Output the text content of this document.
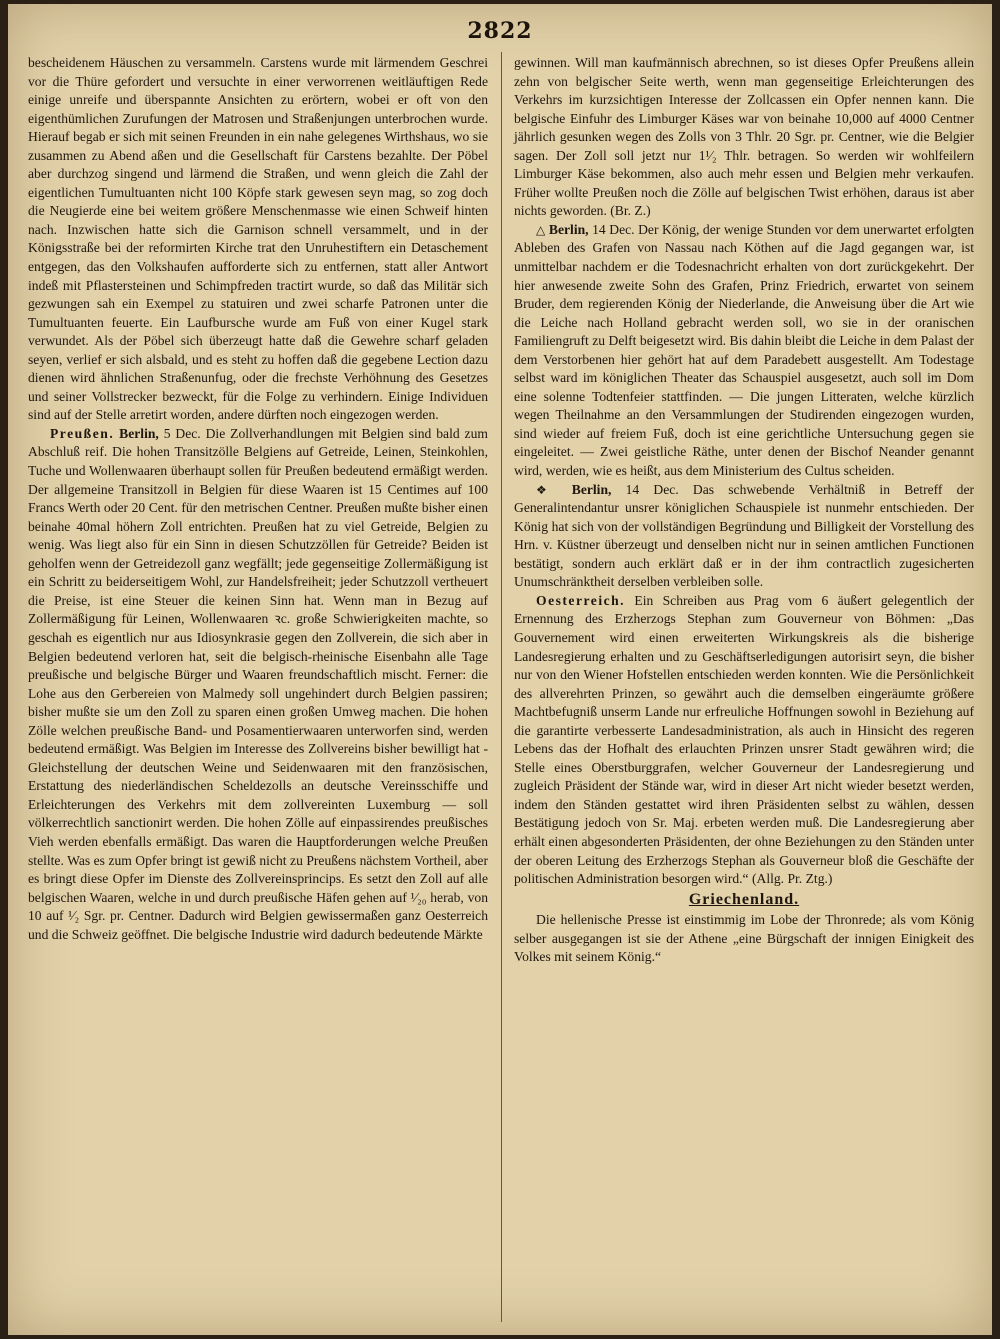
2822

bescheidenem Häuschen zu versammeln. Carstens wurde mit lärmendem Geschrei vor die Thüre gefordert und versuchte in einer verworrenen weitläuftigen Rede einige unreife und überspannte Ansichten zu erörtern, wobei er oft von den eigenthümlichen Zurufungen der Matrosen und Straßenjungen unterbrochen wurde. Hierauf begab er sich mit seinen Freunden in ein nahe gelegenes Wirthshaus, wo sie zusammen zu Abend aßen und die Gesellschaft für Carstens bezahlte. Der Pöbel aber durchzog singend und lärmend die Straßen, und wenn gleich die Zahl der eigentlichen Tumultuanten nicht 100 Köpfe stark gewesen seyn mag, so zog doch die Neugierde eine bei weitem größere Menschenmasse wie einen Schweif hinten nach. Inzwischen hatte sich die Garnison schnell versammelt, und in der Königsstraße bei der reformirten Kirche trat den Unruhestiftern ein Detaschement entgegen, das den Volkshaufen aufforderte sich zu entfernen, statt aller Antwort indeß mit Pflastersteinen und Schimpfreden tractirt wurde, so daß das Militär sich gezwungen sah ein Exempel zu statuiren und zwei scharfe Patronen unter die Tumultuanten feuerte. Ein Laufbursche wurde am Fuß von einer Kugel stark verwundet. Als der Pöbel sich überzeugt hatte daß die Gewehre scharf geladen seyen, verlief er sich alsbald, und es steht zu hoffen daß die gegebene Lection dazu dienen wird ähnlichen Straßenunfug, oder die frechste Verhöhnung des Gesetzes und seiner Vollstrecker bezweckt, für die Folge zu verhindern. Einige Individuen sind auf der Stelle arretirt worden, andere dürften noch eingezogen werden.

Preußen. Berlin, 5 Dec. Die Zollverhandlungen mit Belgien sind bald zum Abschluß reif. Die hohen Transitzölle Belgiens auf Getreide, Leinen, Steinkohlen, Tuche und Wollenwaaren überhaupt sollen für Preußen bedeutend ermäßigt werden. Der allgemeine Transitzoll in Belgien für diese Waaren ist 15 Centimes auf 100 Francs Werth oder 20 Cent. für den metrischen Centner. Preußen mußte bisher einen beinahe 40mal höhern Zoll entrichten. Preußen hat zu viel Getreide, Belgien zu wenig. Was liegt also für ein Sinn in diesen Schutzzöllen für Getreide? Beiden ist geholfen wenn der Getreidezoll ganz wegfällt; jede gegenseitige Zollermäßigung ist ein Schritt zu beiderseitigem Wohl, zur Handelsfreiheit; jeder Schutzzoll vertheuert die Preise, ist eine Steuer die keinen Sinn hat. Wenn man in Bezug auf Zollermäßigung für Leinen, Wollenwaaren ꝛc. große Schwierigkeiten machte, so geschah es eigentlich nur aus Idiosynkrasie gegen den Zollverein, die sich aber in Belgien bedeutend verloren hat, seit die belgisch-rheinische Eisenbahn alle Tage preußische und belgische Bürger und Waaren freundschaftlich mischt. Ferner: die Lohe aus den Gerbereien von Malmedy soll ungehindert durch Belgien passiren; bisher mußte sie um den Zoll zu sparen einen großen Umweg machen. Die hohen Zölle welchen preußische Band- und Posamentierwaaren unterworfen sind, werden bedeutend ermäßigt. Was Belgien im Interesse des Zollvereins bisher bewilligt hat - Gleichstellung der deutschen Weine und Seidenwaaren mit den französischen, Erstattung des niederländischen Scheldezolls an deutsche Vereinsschiffe und Erleichterungen des Verkehrs mit dem zollvereinten Luxemburg — soll völkerrechtlich sanctionirt werden. Die hohen Zölle auf einpassirendes preußisches Vieh werden ebenfalls ermäßigt. Das waren die Hauptforderungen welche Preußen stellte. Was es zum Opfer bringt ist gewiß nicht zu Preußens nächstem Vortheil, aber es bringt diese Opfer im Dienste des Zollvereinsprincips. Es setzt den Zoll auf alle belgischen Waaren, welche in und durch preußische Häfen gehen auf ¹⁄₂₀ herab, von 10 auf ¹⁄₂ Sgr. pr. Centner. Dadurch wird Belgien gewissermaßen ganz Oesterreich und die Schweiz geöffnet. Die belgische Industrie wird dadurch bedeutende Märkte

gewinnen. Will man kaufmännisch abrechnen, so ist dieses Opfer Preußens allein zehn von belgischer Seite werth, wenn man gegenseitige Erleichterungen des Verkehrs im kurzsichtigen Interesse der Zollcassen ein Opfer nennen kann. Die belgische Einfuhr des Limburger Käses war von beinahe 10,000 auf 4000 Centner jährlich gesunken wegen des Zolls von 3 Thlr. 20 Sgr. pr. Centner, wie die Belgier sagen. Der Zoll soll jetzt nur 1¹⁄₂ Thlr. betragen. So werden wir wohlfeilern Limburger Käse bekommen, also auch mehr essen und Belgien mehr verkaufen. Früher wollte Preußen noch die Zölle auf belgischen Twist erhöhen, daraus ist aber nichts geworden. (Br. Z.)

△ Berlin, 14 Dec. Der König, der wenige Stunden vor dem unerwartet erfolgten Ableben des Grafen von Nassau nach Köthen auf die Jagd gegangen war, ist unmittelbar nachdem er die Todesnachricht erhalten von dort zurückgekehrt. Der hier anwesende zweite Sohn des Grafen, Prinz Friedrich, erwartet von seinem Bruder, dem regierenden König der Niederlande, die Anweisung über die Art wie die Leiche nach Holland gebracht werden soll, wo sie in der oranischen Familiengruft zu Delft beigesetzt wird. Bis dahin bleibt die Leiche in dem Palast der dem Verstorbenen hier gehört hat auf dem Paradebett ausgestellt. Am Todestage selbst ward im königlichen Theater das Schauspiel ausgesetzt, auch soll im Dom eine solenne Todtenfeier stattfinden. — Die jungen Litteraten, welche kürzlich wegen Theilnahme an den Versammlungen der Studirenden eingezogen wurden, sind wieder auf freiem Fuß, doch ist eine gerichtliche Untersuchung gegen sie eingeleitet. — Zwei geistliche Räthe, unter denen der Bischof Neander genannt wird, werden, wie es heißt, aus dem Ministerium des Cultus scheiden.

❖ Berlin, 14 Dec. Das schwebende Verhältniß in Betreff der Generalintendantur unsrer königlichen Schauspiele ist nunmehr entschieden. Der König hat sich von der vollständigen Begründung und Billigkeit der Vorstellung des Hrn. v. Küstner überzeugt und denselben nicht nur in seinen amtlichen Functionen bestätigt, sondern auch erklärt daß er in der ihm contractlich zugesicherten Unumschränktheit derselben verbleiben solle.

Oesterreich. Ein Schreiben aus Prag vom 6 äußert gelegentlich der Ernennung des Erzherzogs Stephan zum Gouverneur von Böhmen: „Das Gouvernement wird einen erweiterten Wirkungskreis als die bisherige Landesregierung erhalten und zu Geschäftserledigungen autorisirt seyn, die bisher nur von den Wiener Hofstellen entschieden werden konnten. Wie die Persönlichkeit des allverehrten Prinzen, so gewährt auch die demselben eingeräumte größere Machtbefugniß unserm Lande nur erfreuliche Hoffnungen sowohl in Beziehung auf die garantirte verbesserte Landesadministration, als auch in Hinsicht des regeren Lebens das der Hofhalt des erlauchten Prinzen unsrer Stadt gewähren wird; die Stelle eines Oberstburggrafen, welcher Gouverneur der Landesregierung und zugleich Präsident der Stände war, wird in dieser Art nicht wieder besetzt werden, indem den Ständen gestattet wird ihren Präsidenten selbst zu wählen, dessen Bestätigung jedoch von Sr. Maj. erbeten werden muß. Die Landesregierung aber erhält einen abgesonderten Präsidenten, der ohne Beziehungen zu den Ständen unter der oberen Leitung des Erzherzogs Stephan als Gouverneur bloß die Geschäfte der politischen Administration besorgen wird.“ (Allg. Pr. Ztg.)

Griechenland.

Die hellenische Presse ist einstimmig im Lobe der Thronrede; als vom König selber ausgegangen ist sie der Athene „eine Bürgschaft der innigen Einigkeit des Volkes mit seinem König.“
